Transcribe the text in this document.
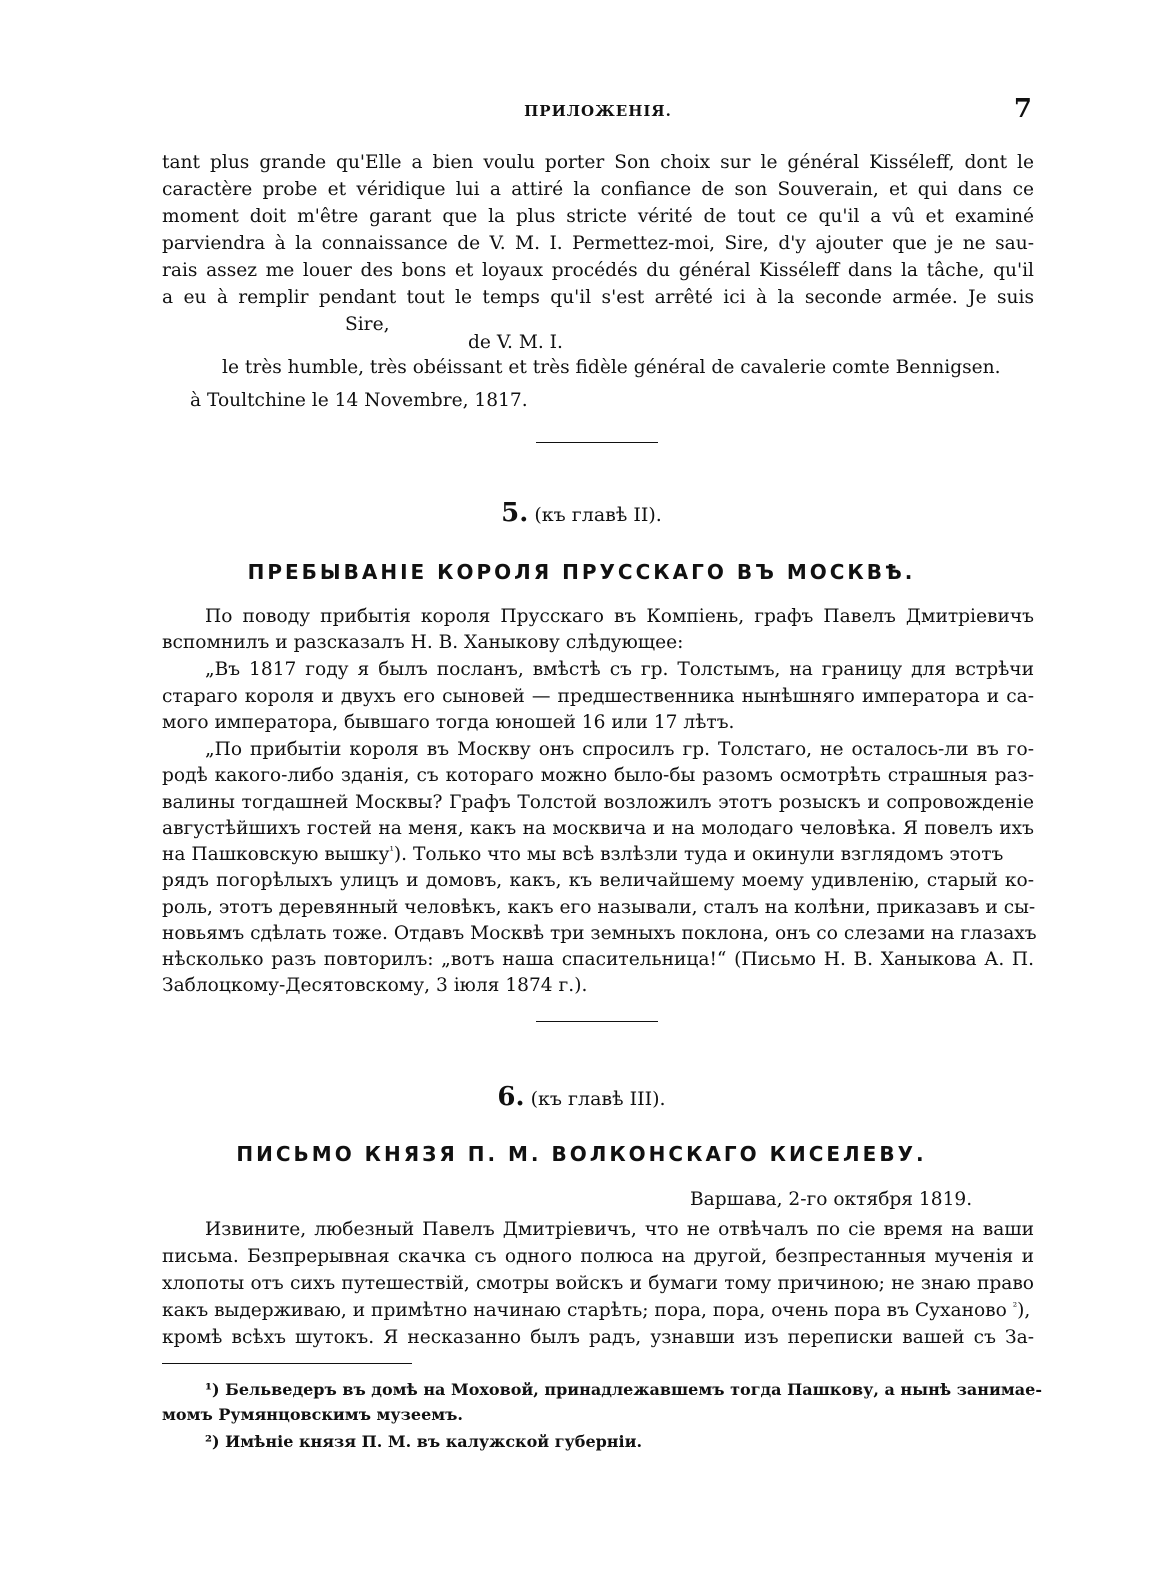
ПРИЛОЖЕНІЯ.	7
tant plus grande qu'Elle a bien voulu porter Son choix sur le général Kisséleff, dont le
caractère probe et véridique lui a attiré la confiance de son Souverain, et qui dans ce
moment doit m'être garant que la plus stricte vérité de tout ce qu'il a vû et examiné
parviendra à la connaissance de V. M. I. Permettez-moi, Sire, d'y ajouter que je ne sau-
rais assez me louer des bons et loyaux procédés du général Kisséleff dans la tâche, qu'il
a eu à remplir pendant tout le temps qu'il s'est arrêté ici à la seconde armée. Je suis
Sire,
de V. M. I.
le très humble, très obéissant et très fidèle général de cavalerie comte Bennigsen.
à Toultchine le 14 Novembre, 1817.
5. (къ главѣ II).
ПРЕБЫВАНІЕ КОРОЛЯ ПРУССКАГО ВЪ МОСКВѢ.
По поводу прибытія короля Прусскаго въ Компіень, графъ Павелъ Дмитріевичъ
вспомнилъ и разсказалъ Н. В. Ханыкову слѣдующее:
„Въ 1817 году я былъ посланъ, вмѣстѣ съ гр. Толстымъ, на границу для встрѣчи
стараго короля и двухъ его сыновей — предшественника нынѣшняго императора и са-
мого императора, бывшаго тогда юношей 16 или 17 лѣтъ.
„По прибытіи короля въ Москву онъ спросилъ гр. Толстаго, не осталось-ли въ го-
родѣ какого-либо зданія, съ котораго можно было-бы разомъ осмотрѣть страшныя раз-
валины тогдашней Москвы? Графъ Толстой возложилъ этотъ розыскъ и сопровожденіе
августѣйшихъ гостей на меня, какъ на москвича и на молодаго человѣка. Я повелъ ихъ
на Пашковскую вышку$^{^1}$). Только что мы всѣ взлѣзли туда и окинули взглядомъ этотъ
рядъ погорѣлыхъ улицъ и домовъ, какъ, къ величайшему моему удивленію, старый ко-
роль, этотъ деревянный человѣкъ, какъ его называли, сталъ на колѣни, приказавъ и сы-
новьямъ сдѣлать тоже. Отдавъ Москвѣ три земныхъ поклона, онъ со слезами на глазахъ
нѣсколько разъ повторилъ: „вотъ наша спасительница!“ (Письмо Н. В. Ханыкова А. П.
Заблоцкому-Десятовскому, 3 іюля 1874 г.).
6. (къ главѣ III).
ПИСЬМО КНЯЗЯ П. М. ВОЛКОНСКАГО КИСЕЛЕВУ.
Варшава, 2-го октября 1819.
Извините, любезный Павелъ Дмитріевичъ, что не отвѣчалъ по сіе время на ваши
письма. Безпрерывная скачка съ одного полюса на другой, безпрестанныя мученія и
хлопоты отъ сихъ путешествій, смотры войскъ и бумаги тому причиною; не знаю право
какъ выдерживаю, и примѣтно начинаю старѣть; пора, пора, очень пора въ Суханово $^{^2}$),
кромѣ всѣхъ шутокъ. Я несказанно былъ радъ, узнавши изъ переписки вашей съ За-
¹) Бельведеръ въ домѣ на Моховой, принадлежавшемъ тогда Пашкову, а нынѣ занимае-
момъ Румянцовскимъ музеемъ.
²) Имѣніе князя П. М. въ калужской губерніи.
